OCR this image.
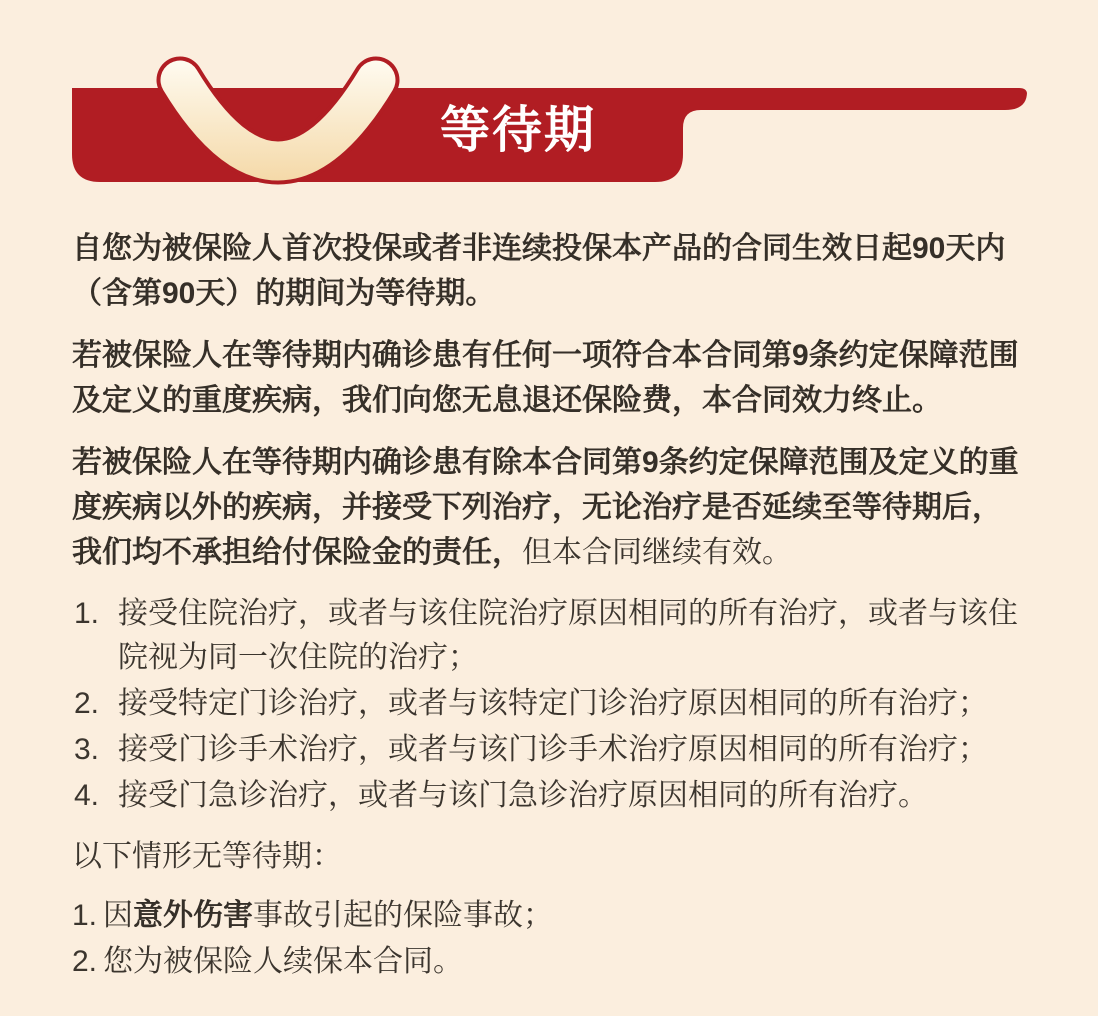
等待期

自您为被保险人首次投保或者非连续投保本产品的合同生效日起90天内（含第90天）的期间为等待期。

若被保险人在等待期内确诊患有任何一项符合本合同第9条约定保障范围及定义的重度疾病，我们向您无息退还保险费，本合同效力终止。

若被保险人在等待期内确诊患有除本合同第9条约定保障范围及定义的重度疾病以外的疾病，并接受下列治疗，无论治疗是否延续至等待期后，我们均不承担给付保险金的责任，但本合同继续有效。

1. 接受住院治疗，或者与该住院治疗原因相同的所有治疗，或者与该住院视为同一次住院的治疗；
2. 接受特定门诊治疗，或者与该特定门诊治疗原因相同的所有治疗；
3. 接受门诊手术治疗，或者与该门诊手术治疗原因相同的所有治疗；
4. 接受门急诊治疗，或者与该门急诊治疗原因相同的所有治疗。

以下情形无等待期：

1. 因意外伤害事故引起的保险事故；
2. 您为被保险人续保本合同。
